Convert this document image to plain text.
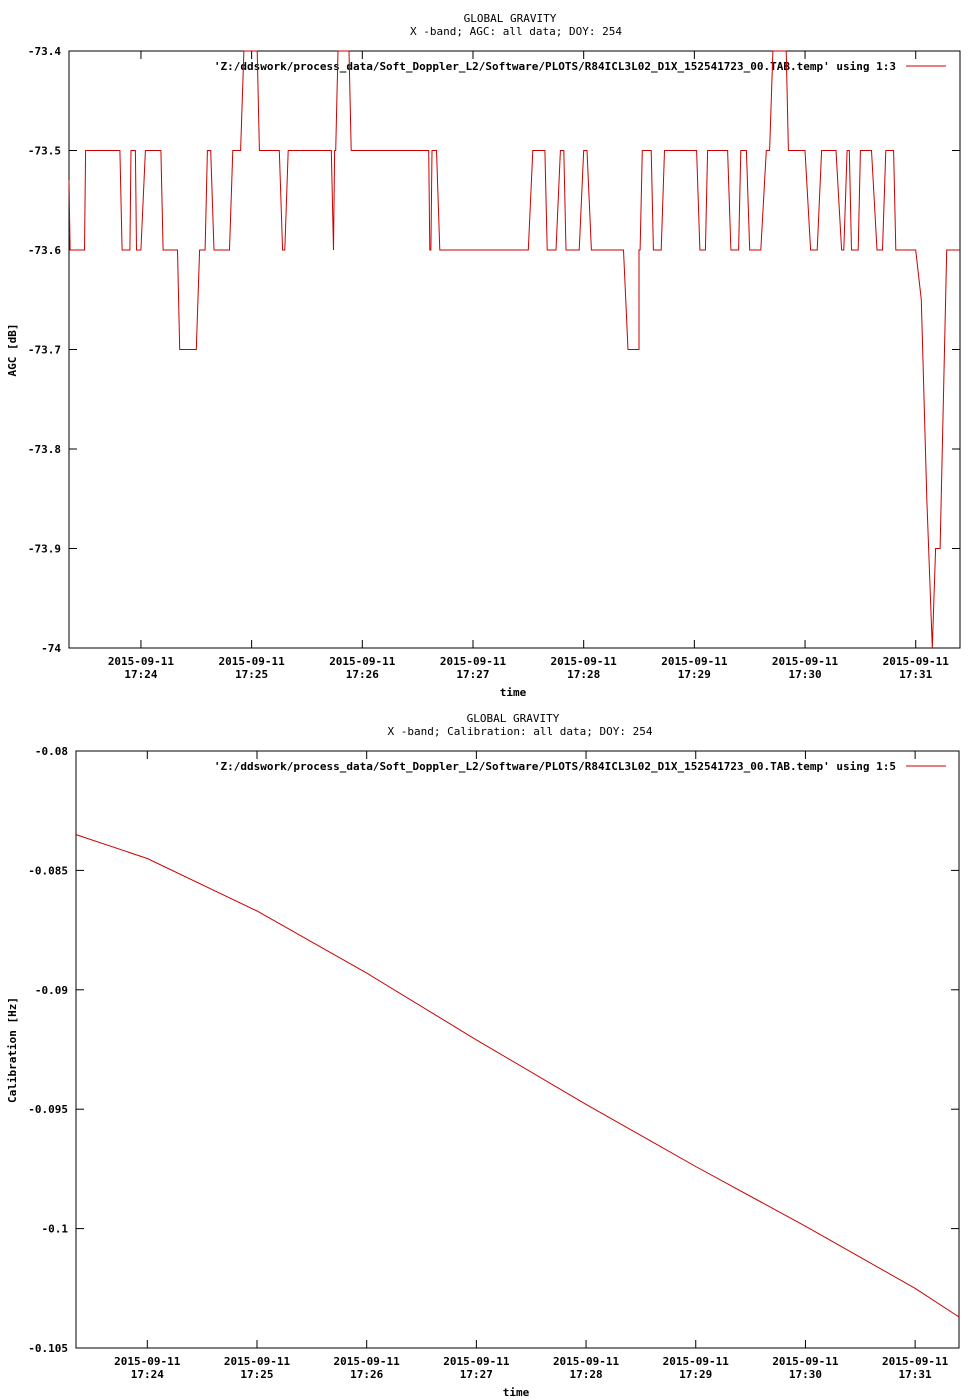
GLOBAL GRAVITY
X -band; AGC: all data; DOY: 254
-73.4
-73.5
-73.6
-73.7
-73.8
-73.9
-74
2015-09-11
17:24
2015-09-11
17:25
2015-09-11
17:26
2015-09-11
17:27
2015-09-11
17:28
2015-09-11
17:29
2015-09-11
17:30
2015-09-11
17:31
time
AGC [dB]
'Z:/ddswork/process_data/Soft_Doppler_L2/Software/PLOTS/R84ICL3L02_D1X_152541723_00.TAB.temp' using 1:3
GLOBAL GRAVITY
X -band; Calibration: all data; DOY: 254
-0.08
-0.085
-0.09
-0.095
-0.1
-0.105
2015-09-11
17:24
2015-09-11
17:25
2015-09-11
17:26
2015-09-11
17:27
2015-09-11
17:28
2015-09-11
17:29
2015-09-11
17:30
2015-09-11
17:31
time
Calibration [Hz]
'Z:/ddswork/process_data/Soft_Doppler_L2/Software/PLOTS/R84ICL3L02_D1X_152541723_00.TAB.temp' using 1:5
